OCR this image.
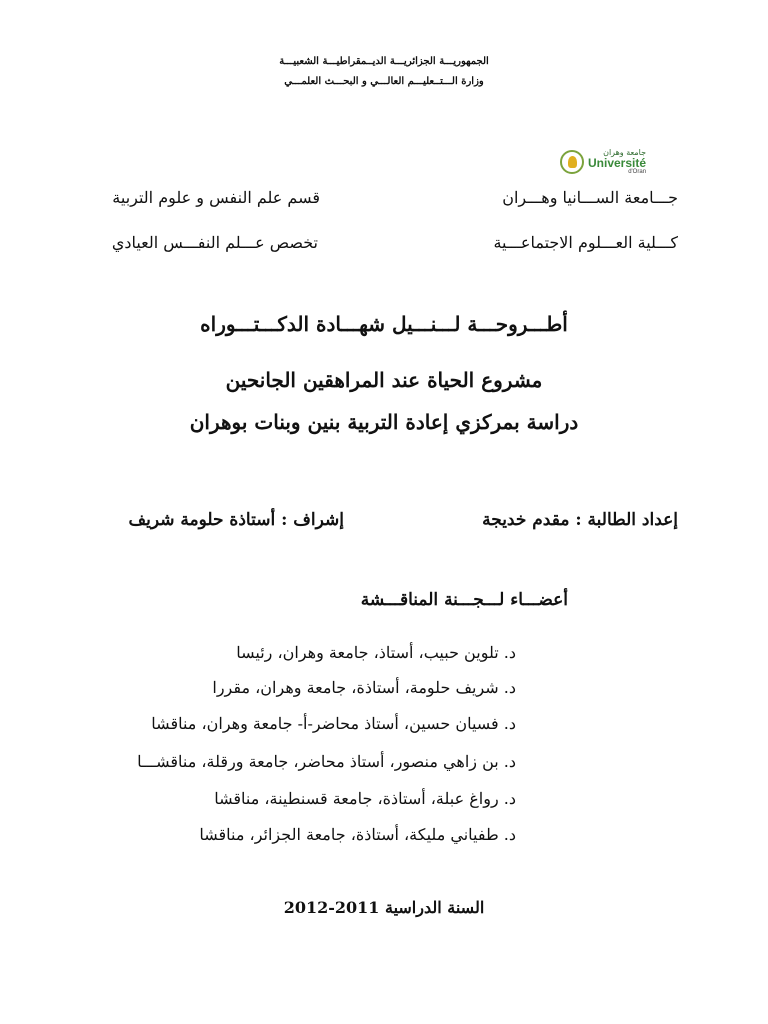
الجمهوريـــة الجزائريـــة الديــمقراطيـــة الشعبيـــة
وزارة الـــتــعليـــم العالـــي و البحـــث العلمـــي
جامعة وهران
Université
d'Oran
جـــامعة الســـانيا وهـــران
قسم علم النفس و علوم التربية
كـــلية العـــلوم الاجتماعـــية
تخصص عـــلم النفـــس العيادي
أطـــروحـــة لـــنـــيل شهـــادة الدكـــتـــوراه
مشروع الحياة عند المراهقين الجانحين
دراسة بمركزي إعادة التربية بنين وبنات بوهران
إعداد الطالبة : مقدم خديجة
إشراف : أستاذة حلومة شريف
أعضـــاء لـــجـــنة المناقـــشة
د. تلوين حبيب، أستاذ، جامعة وهران، رئيسا
د. شريف حلومة، أستاذة، جامعة وهران، مقررا
د. فسيان حسين، أستاذ محاضر-أ- جامعة وهران، مناقشا
د. بن زاهي منصور، أستاذ محاضر، جامعة ورقلة، مناقشـــا
د. رواغ عبلة، أستاذة، جامعة قسنطينة، مناقشا
د. طفياني مليكة، أستاذة، جامعة الجزائر، مناقشا
السنة الدراسية 2011-2012
